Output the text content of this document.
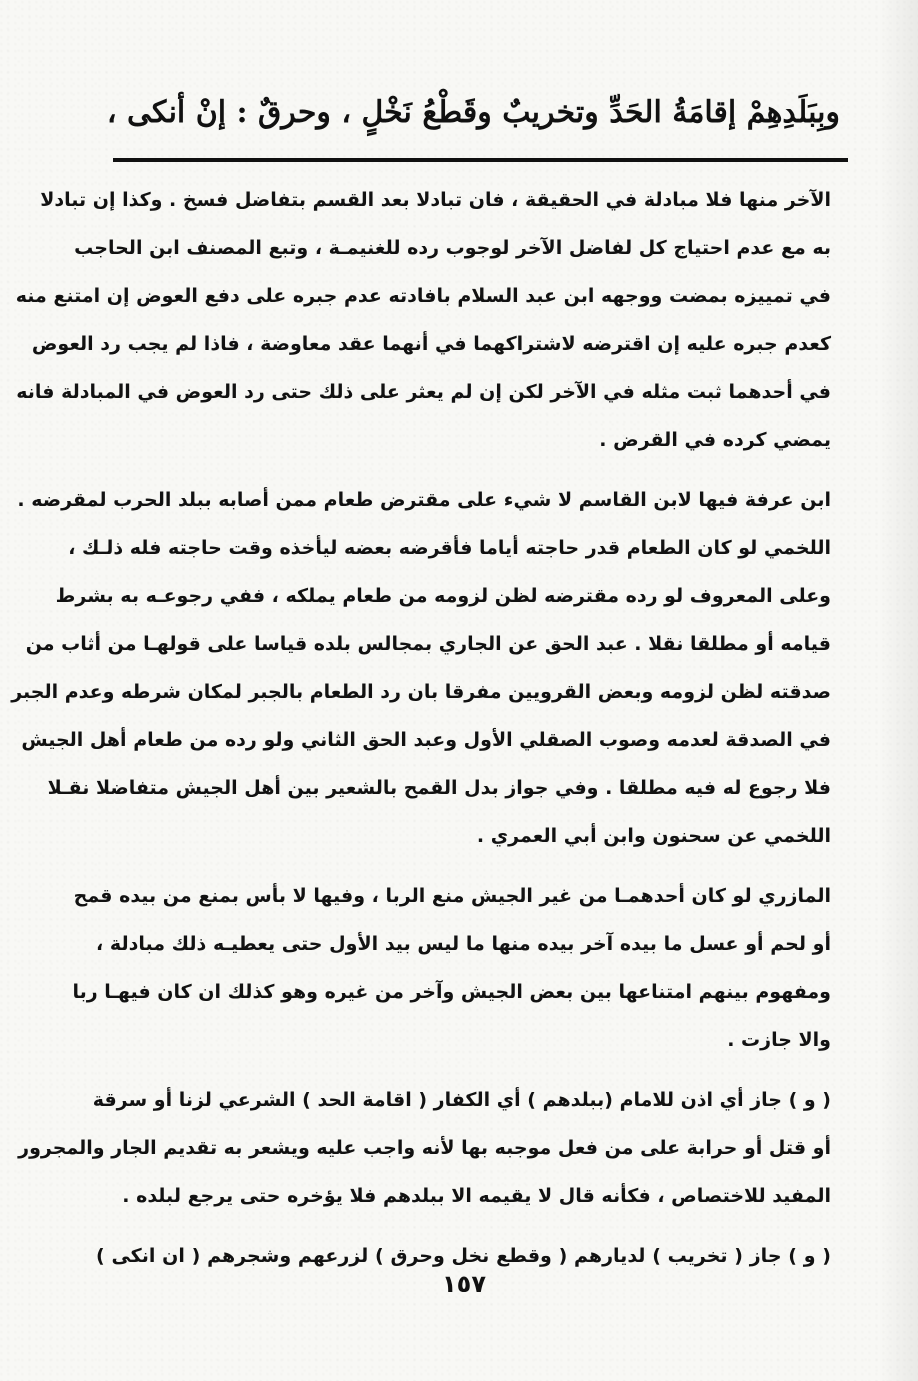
وبِبَلَدِهِمْ إقامَةُ الحَدِّ وتخريبٌ وقَطْعُ نَخْلٍ ، وحرقٌ : إنْ أنكى ،
الآخر منها فلا مبادلة في الحقيقة ، فان تبادلا بعد القسم بتفاضل فسخ . وكذا إن تبادلا
به مع عدم احتياج كل لفاضل الآخر لوجوب رده للغنيمـة ، وتبع المصنف ابن الحاجب
في تمييزه بمضت ووجهه ابن عبد السلام بافادته عدم جبره على دفع العوض إن امتنع منه
كعدم جبره عليه إن اقترضه لاشتراكهما في أنهما عقد معاوضة ، فاذا لم يجب رد العوض
في أحدهما ثبت مثله في الآخر لكن إن لم يعثر على ذلك حتى رد العوض في المبادلة فانه
يمضي كرده في القرض .
ابن عرفة فيها لابن القاسم لا شيء على مقترض طعام ممن أصابه ببلد الحرب لمقرضه .
اللخمي لو كان الطعام قدر حاجته أياما فأقرضه بعضه ليأخذه وقت حاجته فله ذلـك ،
وعلى المعروف لو رده مقترضه لظن لزومه من طعام يملكه ، ففي رجوعـه به بشرط
قيامه أو مطلقا نقلا . عبد الحق عن الجاري بمجالس بلده قياسا على قولهـا من أثاب من
صدقته لظن لزومه وبعض القرويين مفرقا بان رد الطعام بالجبر لمكان شرطه وعدم الجبر
في الصدقة لعدمه وصوب الصقلي الأول وعبد الحق الثاني ولو رده من طعام أهل الجيش
فلا رجوع له فيه مطلقا . وفي جواز بدل القمح بالشعير بين أهل الجيش متفاضلا نقـلا
اللخمي عن سحنون وابن أبي العمري .
المازري لو كان أحدهمـا من غير الجيش منع الربا ، وفيها لا بأس بمنع من بيده قمح
أو لحم أو عسل ما بيده آخر بيده منها ما ليس بيد الأول حتى يعطيـه ذلك مبادلة ،
ومفهوم بينهم امتناعها بين بعض الجيش وآخر من غيره وهو كذلك ان كان فيهـا ربا
والا جازت .
( و ) جاز أي اذن للامام (ببلدهم ) أي الكفار ( اقامة الحد ) الشرعي لزنا أو سرقة
أو قتل أو حرابة على من فعل موجبه بها لأنه واجب عليه ويشعر به تقديم الجار والمجرور
المفيد للاختصاص ، فكأنه قال لا يقيمه الا ببلدهم فلا يؤخره حتى يرجع لبلده .
( و ) جاز ( تخريب ) لديارهم ( وقطع نخل وحرق ) لزرعهم وشجرهم ( ان انكى )
١٥٧
